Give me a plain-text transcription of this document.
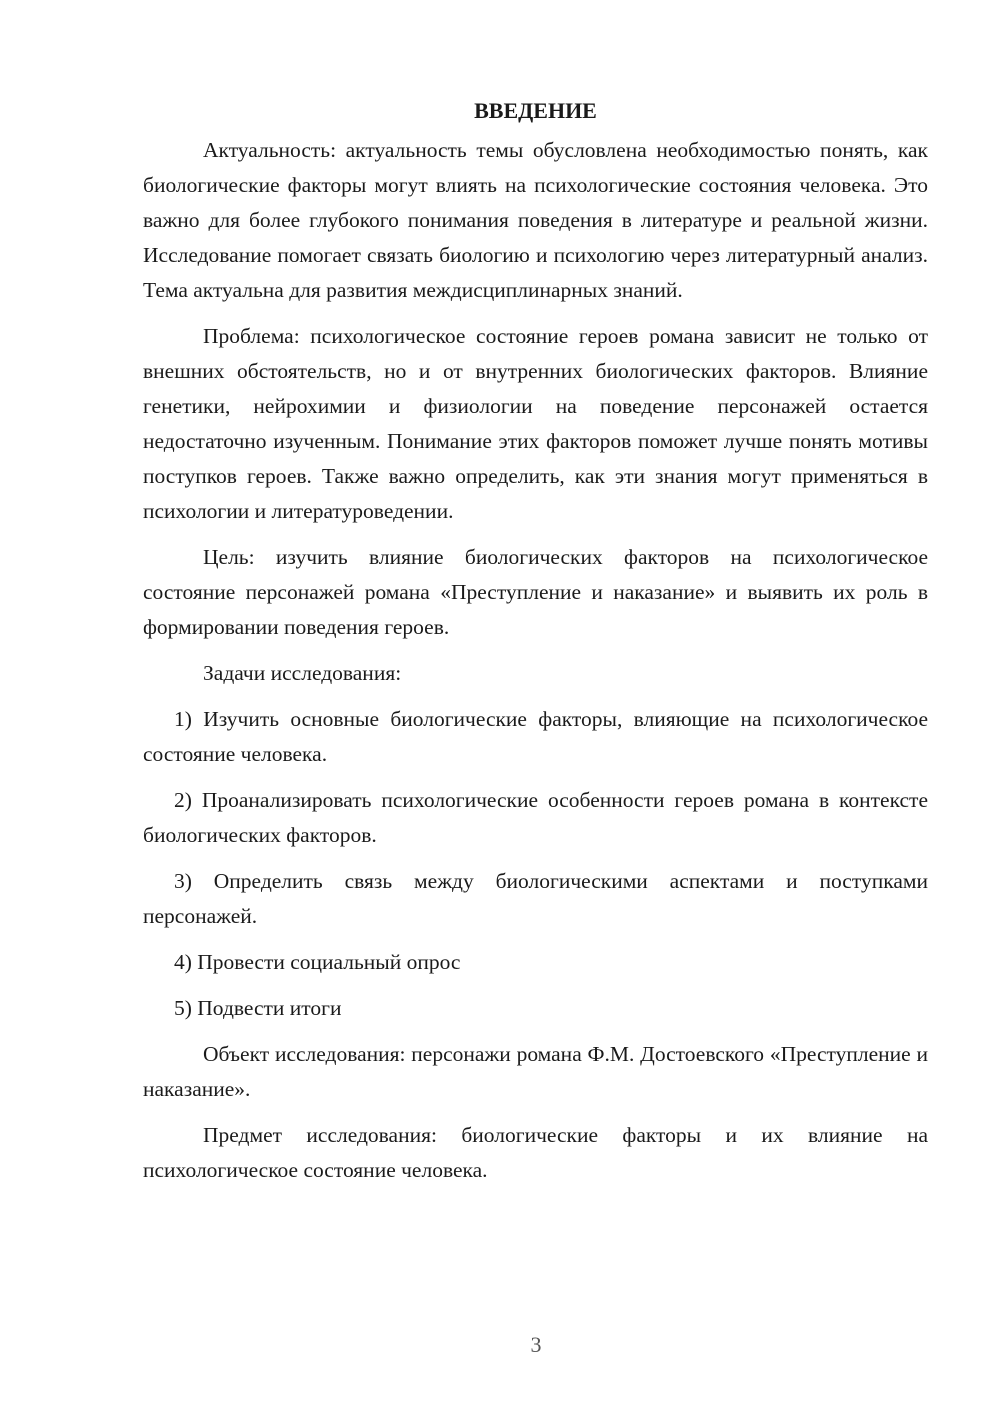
ВВЕДЕНИЕ

Актуальность: актуальность темы обусловлена необходимостью понять, как биологические факторы могут влиять на психологические состояния человека. Это важно для более глубокого понимания поведения в литературе и реальной жизни. Исследование помогает связать биологию и психологию через литературный анализ. Тема актуальна для развития междисциплинарных знаний.

Проблема: психологическое состояние героев романа зависит не только от внешних обстоятельств, но и от внутренних биологических факторов. Влияние генетики, нейрохимии и физиологии на поведение персонажей остается недостаточно изученным. Понимание этих факторов поможет лучше понять мотивы поступков героев. Также важно определить, как эти знания могут применяться в психологии и литературоведении.

Цель: изучить влияние биологических факторов на психологическое состояние персонажей романа «Преступление и наказание» и выявить их роль в формировании поведения героев.

Задачи исследования:

1) Изучить основные биологические факторы, влияющие на психологическое состояние человека.

2) Проанализировать психологические особенности героев романа в контексте биологических факторов.

3) Определить связь между биологическими аспектами и поступками персонажей.

4) Провести социальный опрос

5) Подвести итоги

Объект исследования: персонажи романа Ф.М. Достоевского «Преступление и наказание».

Предмет исследования: биологические факторы и их влияние на психологическое состояние человека.

3
